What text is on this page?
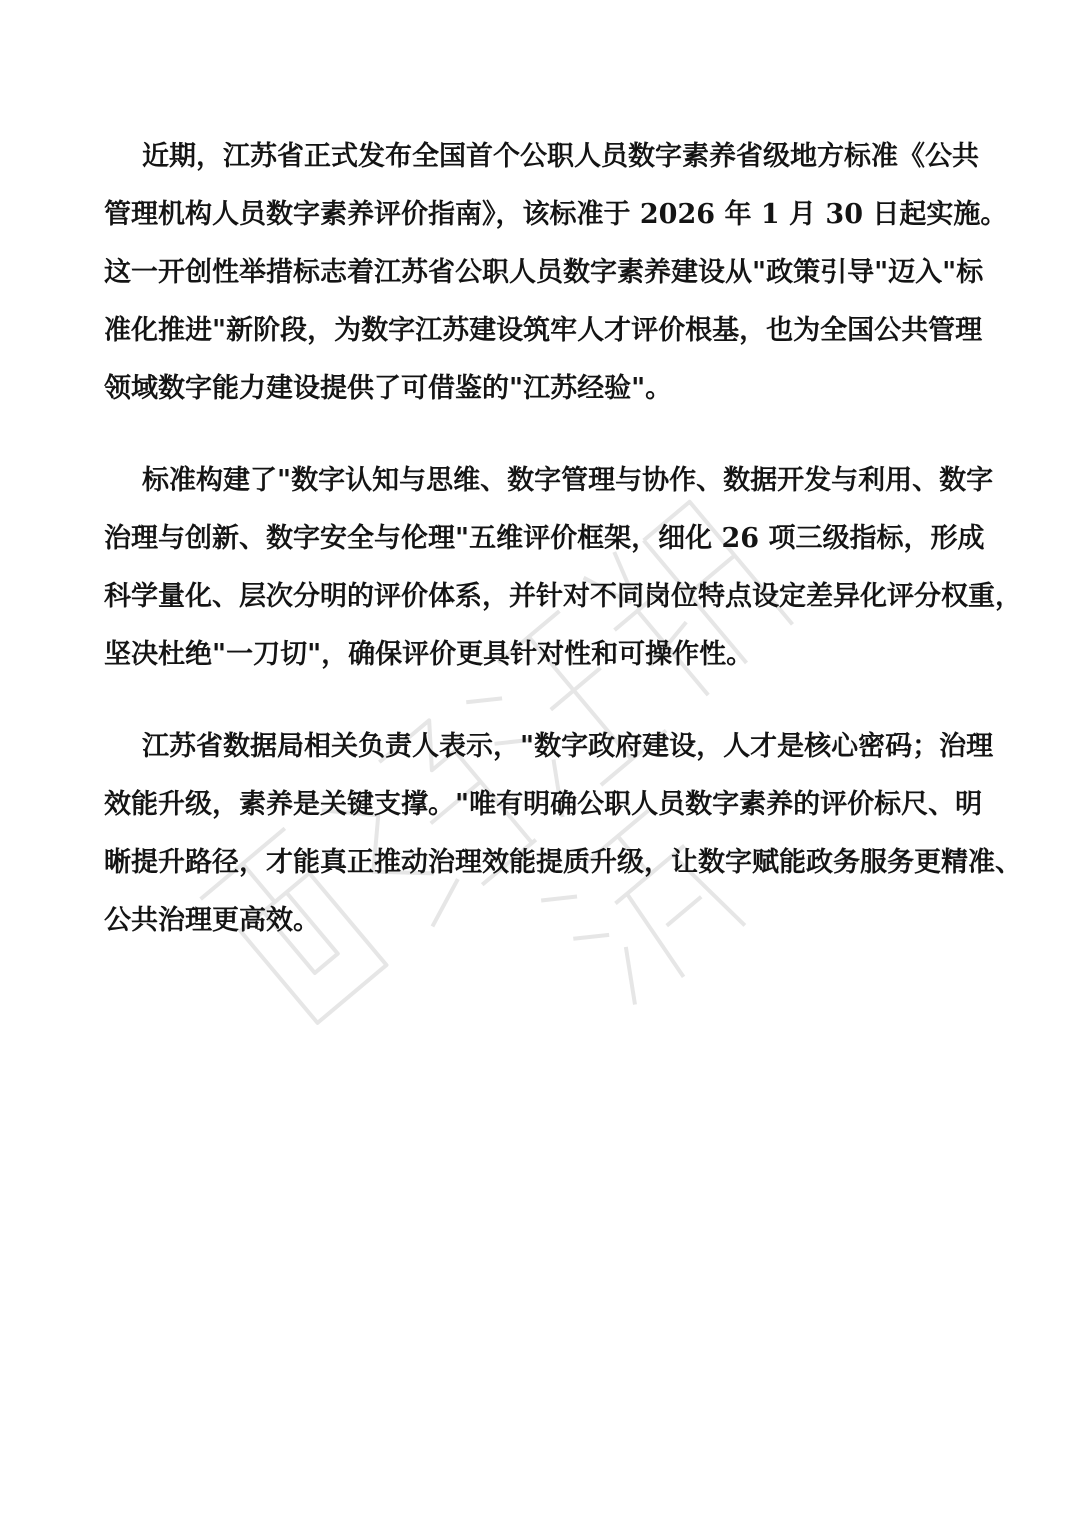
近期，江苏省正式发布全国首个公职人员数字素养省级地方标准《公共
管理机构人员数字素养评价指南》，该标准于 2026 年 1 月 30 日起实施。
这一开创性举措标志着江苏省公职人员数字素养建设从"政策引导"迈入"标
准化推进"新阶段，为数字江苏建设筑牢人才评价根基，也为全国公共管理
领域数字能力建设提供了可借鉴的"江苏经验"。

标准构建了"数字认知与思维、数字管理与协作、数据开发与利用、数字
治理与创新、数字安全与伦理"五维评价框架，细化 26 项三级指标，形成
科学量化、层次分明的评价体系，并针对不同岗位特点设定差异化评分权重，
坚决杜绝"一刀切"，确保评价更具针对性和可操作性。

江苏省数据局相关负责人表示，"数字政府建设，人才是核心密码；治理
效能升级，素养是关键支撑。"唯有明确公职人员数字素养的评价标尺、明
晰提升路径，才能真正推动治理效能提质升级，让数字赋能政务服务更精准、
公共治理更高效。
